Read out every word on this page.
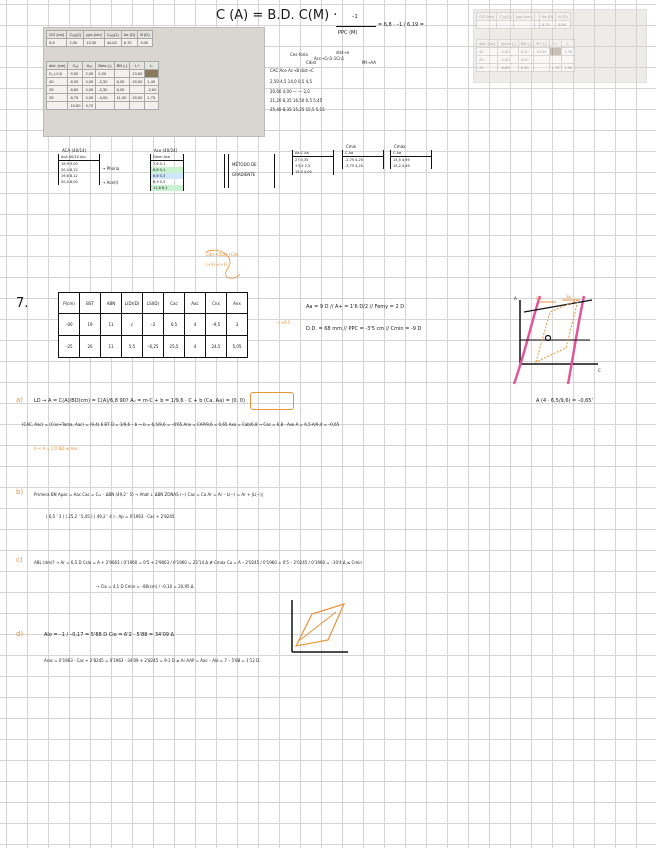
C (A) = B.D. C(M) ·	–1
PPC (M)
= 6,8 · –1 / 6,19 =
GG (cm)	Cₒₓₓ(1)	ppc (cm)	Cₒₓₓ(1)	Ae (D)	B (D)
5,8	2,50	13,00	44,62	6,70	9,00
dist. (cm)	Cₒₓ	Aₒₓ	Beta (-)	BN (-)	L+	L-
D_L2,5	9,00	2,00	2,00		13,60	
40	8,90	4,00	-2,32	6,00	15,00	1,40
25	8,60	4,00	-2,30	6,00		-2,60
25	8,75	4,00	-4,00	11,00	15,00	1,75
	10,60	4,70				
GG (cm)	Cₒₓₓ(1)	ppc (cm)		Ae (D)	B (D)
				6,70	8,90
dist. (cm)	Vpmx (-)	BN (-)	BT (-)	L+	L-
40	-0,80	8,00	10,00		1,35
25	-0,80	6,00			
25	-0,85	8,00		1,75	1,00
Ces-foria
Cdist
Acc→Cn1-1Cn1
dist→e
Mt→AA
CAC Ace Ac→B dist→C
2,50 4,5 14,0 0,5 4,5
20,60 4,00 — — 2,0
21,20 6,35 16,50 0,5 5,45
25,40 8,35 15,25 15,5 5,15
ACA (40/14)
AcA 40/14 Acc
19,9 9,00
20,4 8,12
19,6 8,12
20,0 8,00
→ Phoria
→ Ace(l)
Ace (40/24)
Dmm Ace
7,6 0,1
8,8 0,1
6,6 0,3
6,9 0,3
11,6 6,1
MÉTODO DE
GRADIENTE
Aa C Aa
27 0,35
+3,5 2,5
15,0 4,00
Cmin
C Aa
-2,75 4,25
-3,75 4,25
Cmáx
C Aa
13,5 4,95
15,2 4,45
Cdo→Cbon+Cdo
(+1)→(+1)
7.	P(cm)	BST	ABN	L(D)(D)	LSI(D)	Cac	Aac	Cnx	Anx
–00	19	11	c	–2	6,5	4	–9,5	3
–25	20	11	5,5	–6,25	25,5	4	24,5	5,05
→ +6,5
Aa = 9 D // A+ = 1'6 D/2 // Femy = 2 D
D.D. = 68 mm // PPC = -3'5 cm // Cmin = -9 D
A
C
Cp	Sp
a) LD ⇒ A = C(A)/BD(cm) = C(A)/6,8 90? A₀ = m·C + b = 1/9,6 · C + b (Ca, Aa) = (0, 0)	A (4 · 6,5/9,6) = –0,65'
(CAC, Aac) = (Cno+Toma, Aac) = (9,4) 6 BT D = 1/9,6 – b → b = 6,5/9,6 = –0'65 Anx = CAP/9,6 = 0,65 Axo = Cab/6,8 → Cac = 6,8 · Axo A = 6,5·A/9,4 = –0,65
0 < A = 1'2 ND ≤ Aac
b)	Primera BN Apac = Aac Cac = Cₜₐ – ΔBN (49,2 ' 5) → Ahat ↓ ΔBN ZONAS (−) Cac = Ca Ar = Ar – L(−) = Ar + |L(−)|
( 6,5 ' 3 ) ( 25,2 ' 5,45 ) ( 49,2 ' 4 ) . Ap = 0'1963 · Cac + 2'8245
c)	ABL (dm)? → Ar = 6,5 D Cslo = A + 2'9663 / 0'1960 = 0'5 + 2'9663 / 0'1960 = 23'14 Δ ∉ Cmáx Cu = A – 2'0245 / 0'1960 = 0'5 – 2'0245 / 0'1960 = –10'4 Δ ≤ Cmin
→ Clo = 4,1 D Cmin = –80(cm) / –0,10 = 20,95 Δ
d)	Alo = –1 / –0,17 = 5'88 D Cio = 6'2 · 5'88 = 34'09 Δ
Arac = 0'1963 · Cac + 2'8245 = 0'1963 · 34'09 + 2'8245 = 9·1 D ≥ Ar AAP = Aac – Alo = 7 – 5'88 = 1'12 D .
